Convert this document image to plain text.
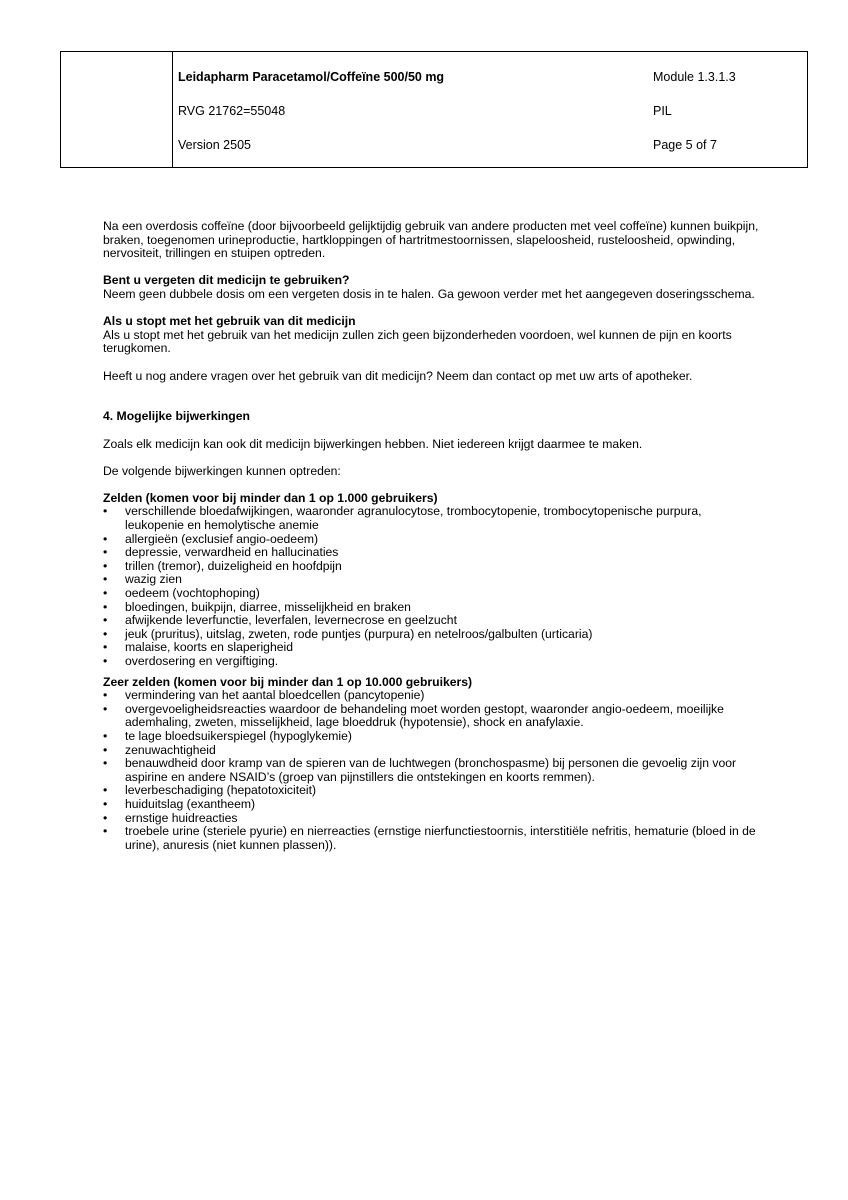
Leidapharm Paracetamol/Coffeïne 500/50 mg
RVG 21762=55048
Version 2505
Module 1.3.1.3
PIL
Page 5 of 7

Na een overdosis coffeïne (door bijvoorbeeld gelijktijdig gebruik van andere producten met veel coffeïne) kunnen buikpijn, braken, toegenomen urineproductie, hartkloppingen of hartritmestoornissen, slapeloosheid, rusteloosheid, opwinding, nervositeit, trillingen en stuipen optreden.

Bent u vergeten dit medicijn te gebruiken?

Neem geen dubbele dosis om een vergeten dosis in te halen. Ga gewoon verder met het aangegeven doseringsschema.

Als u stopt met het gebruik van dit medicijn

Als u stopt met het gebruik van het medicijn zullen zich geen bijzonderheden voordoen, wel kunnen de pijn en koorts terugkomen.

Heeft u nog andere vragen over het gebruik van dit medicijn? Neem dan contact op met uw arts of apotheker.

4. Mogelijke bijwerkingen

Zoals elk medicijn kan ook dit medicijn bijwerkingen hebben. Niet iedereen krijgt daarmee te maken.

De volgende bijwerkingen kunnen optreden:

Zelden (komen voor bij minder dan 1 op 1.000 gebruikers)

• verschillende bloedafwijkingen, waaronder agranulocytose, trombocytopenie, trombocytopenische purpura, leukopenie en hemolytische anemie
• allergieën (exclusief angio-oedeem)
• depressie, verwardheid en hallucinaties
• trillen (tremor), duizeligheid en hoofdpijn
• wazig zien
• oedeem (vochtophoping)
• bloedingen, buikpijn, diarree, misselijkheid en braken
• afwijkende leverfunctie, leverfalen, levernecrose en geelzucht
• jeuk (pruritus), uitslag, zweten, rode puntjes (purpura) en netelroos/galbulten (urticaria)
• malaise, koorts en slaperigheid
• overdosering en vergiftiging.

Zeer zelden (komen voor bij minder dan 1 op 10.000 gebruikers)

• vermindering van het aantal bloedcellen (pancytopenie)
• overgevoeligheidsreacties waardoor de behandeling moet worden gestopt, waaronder angio-oedeem, moeilijke ademhaling, zweten, misselijkheid, lage bloeddruk (hypotensie), shock en anafylaxie.
• te lage bloedsuikerspiegel (hypoglykemie)
• zenuwachtigheid
• benauwdheid door kramp van de spieren van de luchtwegen (bronchospasme) bij personen die gevoelig zijn voor aspirine en andere NSAID’s (groep van pijnstillers die ontstekingen en koorts remmen).
• leverbeschadiging (hepatotoxiciteit)
• huiduitslag (exantheem)
• ernstige huidreacties
• troebele urine (steriele pyurie) en nierreacties (ernstige nierfunctiestoornis, interstitiële nefritis, hematurie (bloed in de urine), anuresis (niet kunnen plassen)).
